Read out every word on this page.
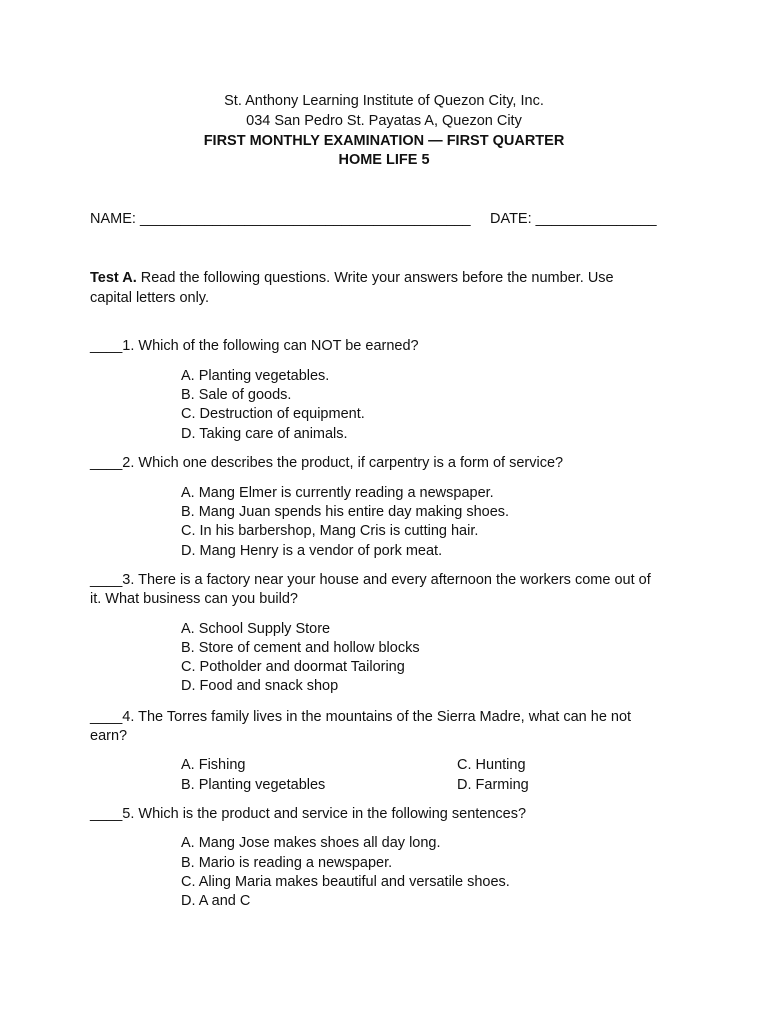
St. Anthony Learning Institute of Quezon City, Inc.
034 San Pedro St. Payatas A, Quezon City
FIRST MONTHLY EXAMINATION — FIRST QUARTER
HOME LIFE 5
NAME: _________________________________________ DATE: _______________
Test A. Read the following questions. Write your answers before the number. Use
capital letters only.
____1. Which of the following can NOT be earned?
A. Planting vegetables.
B. Sale of goods.
C. Destruction of equipment.
D. Taking care of animals.
____2. Which one describes the product, if carpentry is a form of service?
A. Mang Elmer is currently reading a newspaper.
B. Mang Juan spends his entire day making shoes.
C. In his barbershop, Mang Cris is cutting hair.
D. Mang Henry is a vendor of pork meat.
____3. There is a factory near your house and every afternoon the workers come out of
it. What business can you build?
A. School Supply Store
B. Store of cement and hollow blocks
C. Potholder and doormat Tailoring
D. Food and snack shop
____4. The Torres family lives in the mountains of the Sierra Madre, what can he not
earn?
A. Fishing
B. Planting vegetables
C. Hunting
D. Farming
____5. Which is the product and service in the following sentences?
A. Mang Jose makes shoes all day long.
B. Mario is reading a newspaper.
C. Aling Maria makes beautiful and versatile shoes.
D. A and C
